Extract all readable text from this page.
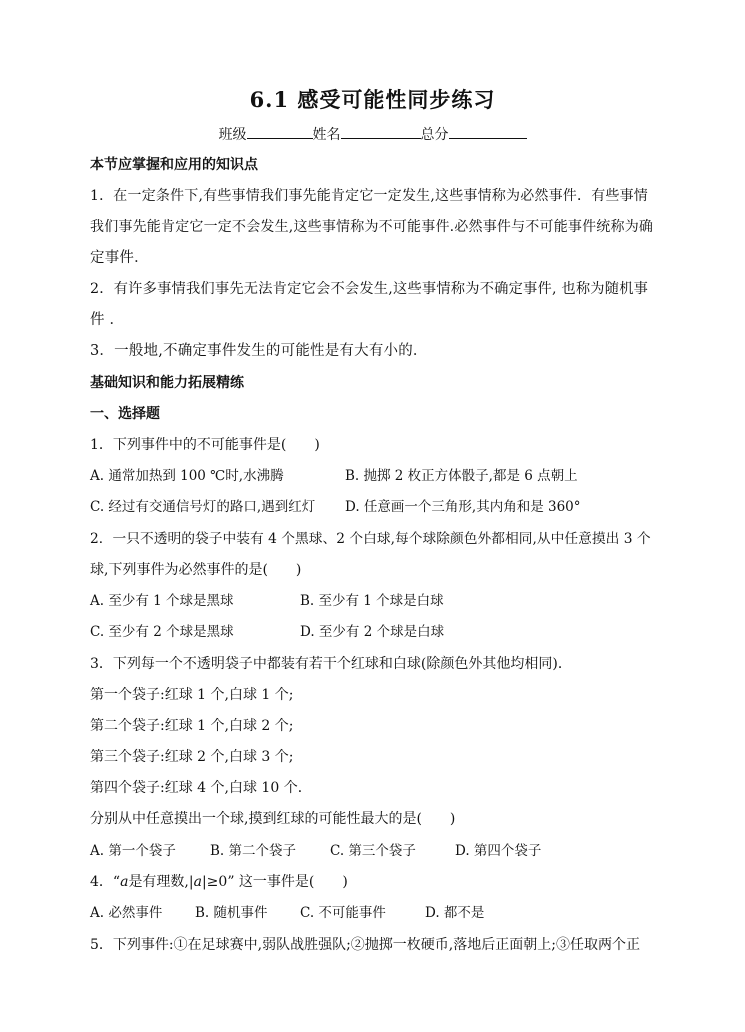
6.1 感受可能性同步练习
班级	姓名	总分
本节应掌握和应用的知识点
1．在一定条件下,有些事情我们事先能肯定它一定发生,这些事情称为必然事件．有些事情
我们事先能肯定它一定不会发生,这些事情称为不可能事件.必然事件与不可能事件统称为确
定事件．
2．有许多事情我们事先无法肯定它会不会发生,这些事情称为不确定事件, 也称为随机事
件 ．
3．一般地,不确定事件发生的可能性是有大有小的．
基础知识和能力拓展精练
一、选择题
1．下列事件中的不可能事件是(　　)
A. 通常加热到 100 ℃时,水沸腾	B. 抛掷 2 枚正方体骰子,都是 6 点朝上
C. 经过有交通信号灯的路口,遇到红灯 D. 任意画一个三角形,其内角和是 360°
2．一只不透明的袋子中装有 4 个黑球、2 个白球,每个球除颜色外都相同,从中任意摸出 3 个
球,下列事件为必然事件的是(　　)
A. 至少有 1 个球是黑球	B. 至少有 1 个球是白球
C. 至少有 2 个球是黑球	D. 至少有 2 个球是白球
3．下列每一个不透明袋子中都装有若干个红球和白球(除颜色外其他均相同)．
第一个袋子:红球 1 个,白球 1 个;
第二个袋子:红球 1 个,白球 2 个;
第三个袋子:红球 2 个,白球 3 个;
第四个袋子:红球 4 个,白球 10 个．
分别从中任意摸出一个球,摸到红球的可能性最大的是(　　)
A. 第一个袋子	B. 第二个袋子	C. 第三个袋子	D. 第四个袋子
4．“a是有理数,|a|≥0” 这一事件是(　　)
A. 必然事件 B. 随机事件 C. 不可能事件	D. 都不是
5．下列事件:①在足球赛中,弱队战胜强队;②抛掷一枚硬币,落地后正面朝上;③任取两个正
